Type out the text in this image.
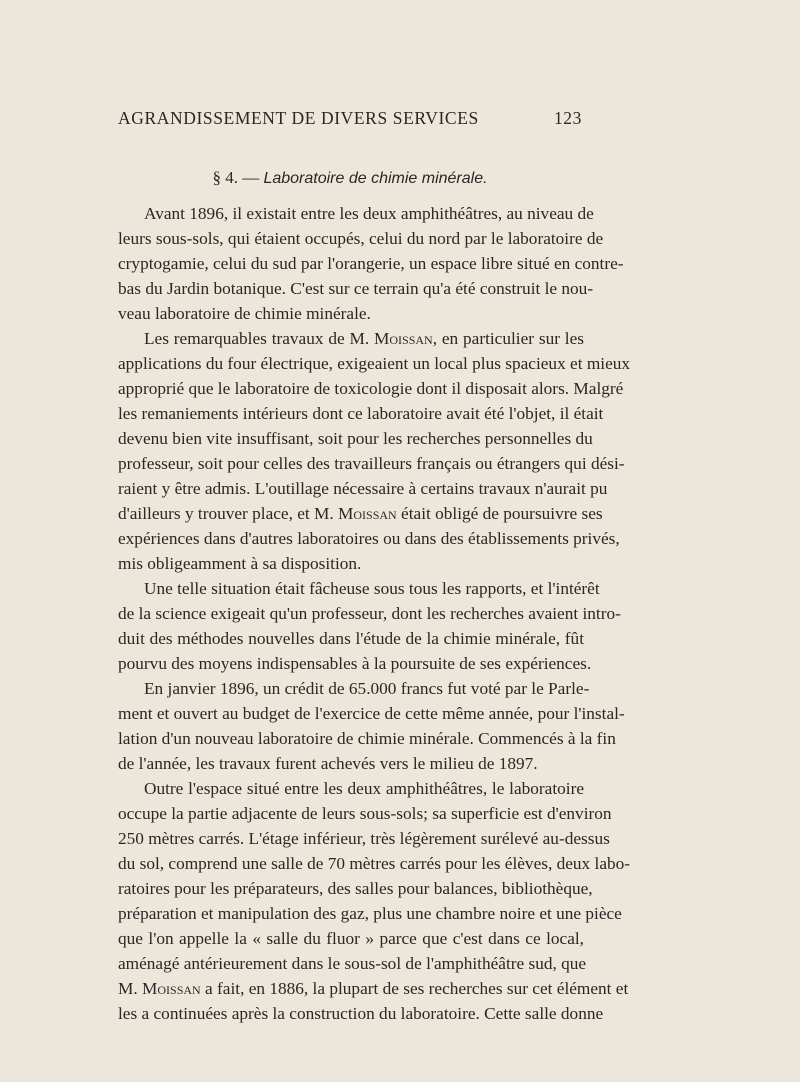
AGRANDISSEMENT DE DIVERS SERVICES	123
§ 4. — Laboratoire de chimie minérale.
Avant 1896, il existait entre les deux amphithéâtres, au niveau de
leurs sous-sols, qui étaient occupés, celui du nord par le laboratoire de
cryptogamie, celui du sud par l'orangerie, un espace libre situé en contre-
bas du Jardin botanique. C'est sur ce terrain qu'a été construit le nou-
veau laboratoire de chimie minérale.
Les remarquables travaux de M. Moissan, en particulier sur les
applications du four électrique, exigeaient un local plus spacieux et mieux
approprié que le laboratoire de toxicologie dont il disposait alors. Malgré
les remaniements intérieurs dont ce laboratoire avait été l'objet, il était
devenu bien vite insuffisant, soit pour les recherches personnelles du
professeur, soit pour celles des travailleurs français ou étrangers qui dési-
raient y être admis. L'outillage nécessaire à certains travaux n'aurait pu
d'ailleurs y trouver place, et M. Moissan était obligé de poursuivre ses
expériences dans d'autres laboratoires ou dans des établissements privés,
mis obligeamment à sa disposition.
Une telle situation était fâcheuse sous tous les rapports, et l'intérêt
de la science exigeait qu'un professeur, dont les recherches avaient intro-
duit des méthodes nouvelles dans l'étude de la chimie minérale, fût
pourvu des moyens indispensables à la poursuite de ses expériences.
En janvier 1896, un crédit de 65.000 francs fut voté par le Parle-
ment et ouvert au budget de l'exercice de cette même année, pour l'instal-
lation d'un nouveau laboratoire de chimie minérale. Commencés à la fin
de l'année, les travaux furent achevés vers le milieu de 1897.
Outre l'espace situé entre les deux amphithéâtres, le laboratoire
occupe la partie adjacente de leurs sous-sols; sa superficie est d'environ
250 mètres carrés. L'étage inférieur, très légèrement surélevé au-dessus
du sol, comprend une salle de 70 mètres carrés pour les élèves, deux labo-
ratoires pour les préparateurs, des salles pour balances, bibliothèque,
préparation et manipulation des gaz, plus une chambre noire et une pièce
que l'on appelle la « salle du fluor » parce que c'est dans ce local,
aménagé antérieurement dans le sous-sol de l'amphithéâtre sud, que
M. Moissan a fait, en 1886, la plupart de ses recherches sur cet élément et
les a continuées après la construction du laboratoire. Cette salle donne
